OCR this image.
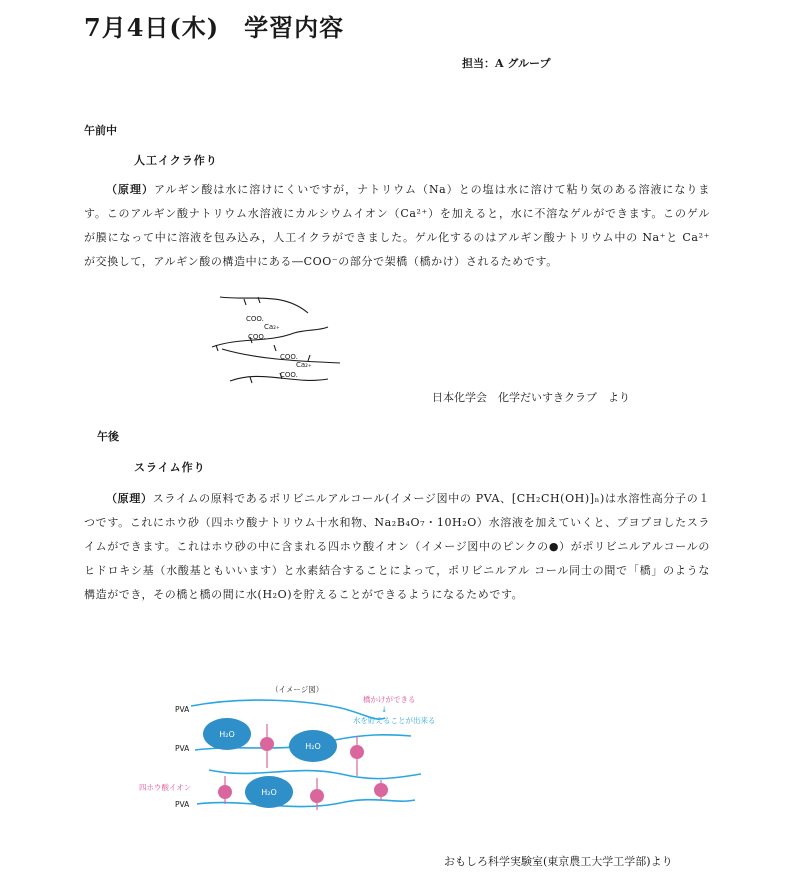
7月4日(木)　学習内容
担当：A グループ
午前中
人工イクラ作り
（原理）アルギン酸は水に溶けにくいですが，ナトリウム（Na）との塩は水に溶けて粘り気のある溶液になります。このアルギン酸ナトリウム水溶液にカルシウムイオン（Ca²⁺）を加えると，水に不溶なゲルができます。このゲルが膜になって中に溶液を包み込み，人工イクラができました。ゲル化するのはアルギン酸ナトリウム中の Na⁺と Ca²⁺が交換して，アルギン酸の構造中にある―COO⁻の部分で架橋（橋かけ）されるためです。
COO.
Ca₂₊
COO.
COO.
Ca₂₊
COO.
日本化学会　化学だいすきクラブ　より
午後
スライム作り
（原理）スライムの原料であるポリビニルアルコール(イメージ図中の PVA、[CH₂CH(OH)]ₙ)は水溶性高分子の１つです。これにホウ砂（四ホウ酸ナトリウム十水和物、Na₂B₄O₇・10H₂O）水溶液を加えていくと、プヨプヨしたスライムができます。これはホウ砂の中に含まれる四ホウ酸イオン（イメージ図中のピンクの●）がポリビニルアルコールのヒドロキシ基（水酸基ともいいます）と水素結合することによって，ポリビニルアル コール同士の間で「橋」のような構造ができ，その橋と橋の間に水(H₂O)を貯えることができるようになるためです。
H₂O
H₂O
H₂O
（イメージ図）
PVA
PVA
PVA
橋かけができる
↓
水を貯えることが出来る
四ホウ酸イオン
おもしろ科学実験室(東京農工大学工学部)より
